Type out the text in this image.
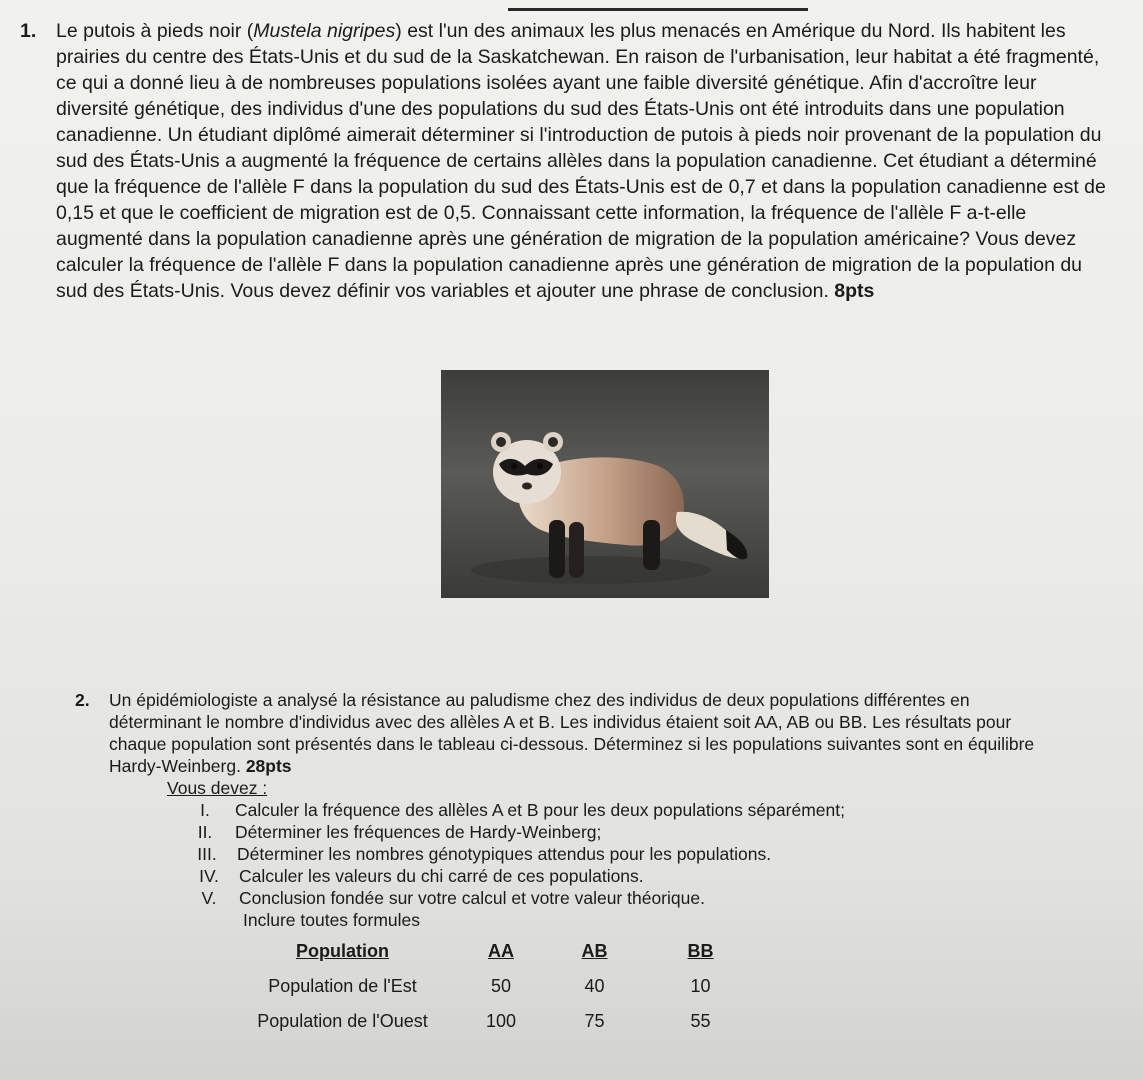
1.	Le putois à pieds noir (Mustela nigripes) est l'un des animaux les plus menacés en Amérique du Nord. Ils habitent les prairies du centre des États-Unis et du sud de la Saskatchewan. En raison de l'urbanisation, leur habitat a été fragmenté, ce qui a donné lieu à de nombreuses populations isolées ayant une faible diversité génétique. Afin d'accroître leur diversité génétique, des individus d'une des populations du sud des États-Unis ont été introduits dans une population canadienne. Un étudiant diplômé aimerait déterminer si l'introduction de putois à pieds noir provenant de la population du sud des États-Unis a augmenté la fréquence de certains allèles dans la population canadienne. Cet étudiant a déterminé que la fréquence de l'allèle F dans la population du sud des États-Unis est de 0,7 et dans la population canadienne est de 0,15 et que le coefficient de migration est de 0,5. Connaissant cette information, la fréquence de l'allèle F a-t-elle augmenté dans la population canadienne après une génération de migration de la population américaine? Vous devez calculer la fréquence de l'allèle F dans la population canadienne après une génération de migration de la population du sud des États-Unis. Vous devez définir vos variables et ajouter une phrase de conclusion. 8pts

2.	Un épidémiologiste a analysé la résistance au paludisme chez des individus de deux populations différentes en déterminant le nombre d'individus avec des allèles A et B. Les individus étaient soit AA, AB ou BB. Les résultats pour chaque population sont présentés dans le tableau ci-dessous. Déterminez si les populations suivantes sont en équilibre Hardy-Weinberg. 28pts

Vous devez :
I.	Calculer la fréquence des allèles A et B pour les deux populations séparément;
II.	Déterminer les fréquences de Hardy-Weinberg;
III.	Déterminer les nombres génotypiques attendus pour les populations.
IV.	Calculer les valeurs du chi carré de ces populations.
V.	Conclusion fondée sur votre calcul et votre valeur théorique.
Inclure toutes formules
Population	AA	AB	BB
Population de l'Est	50	40	10
Population de l'Ouest	100	75	55
